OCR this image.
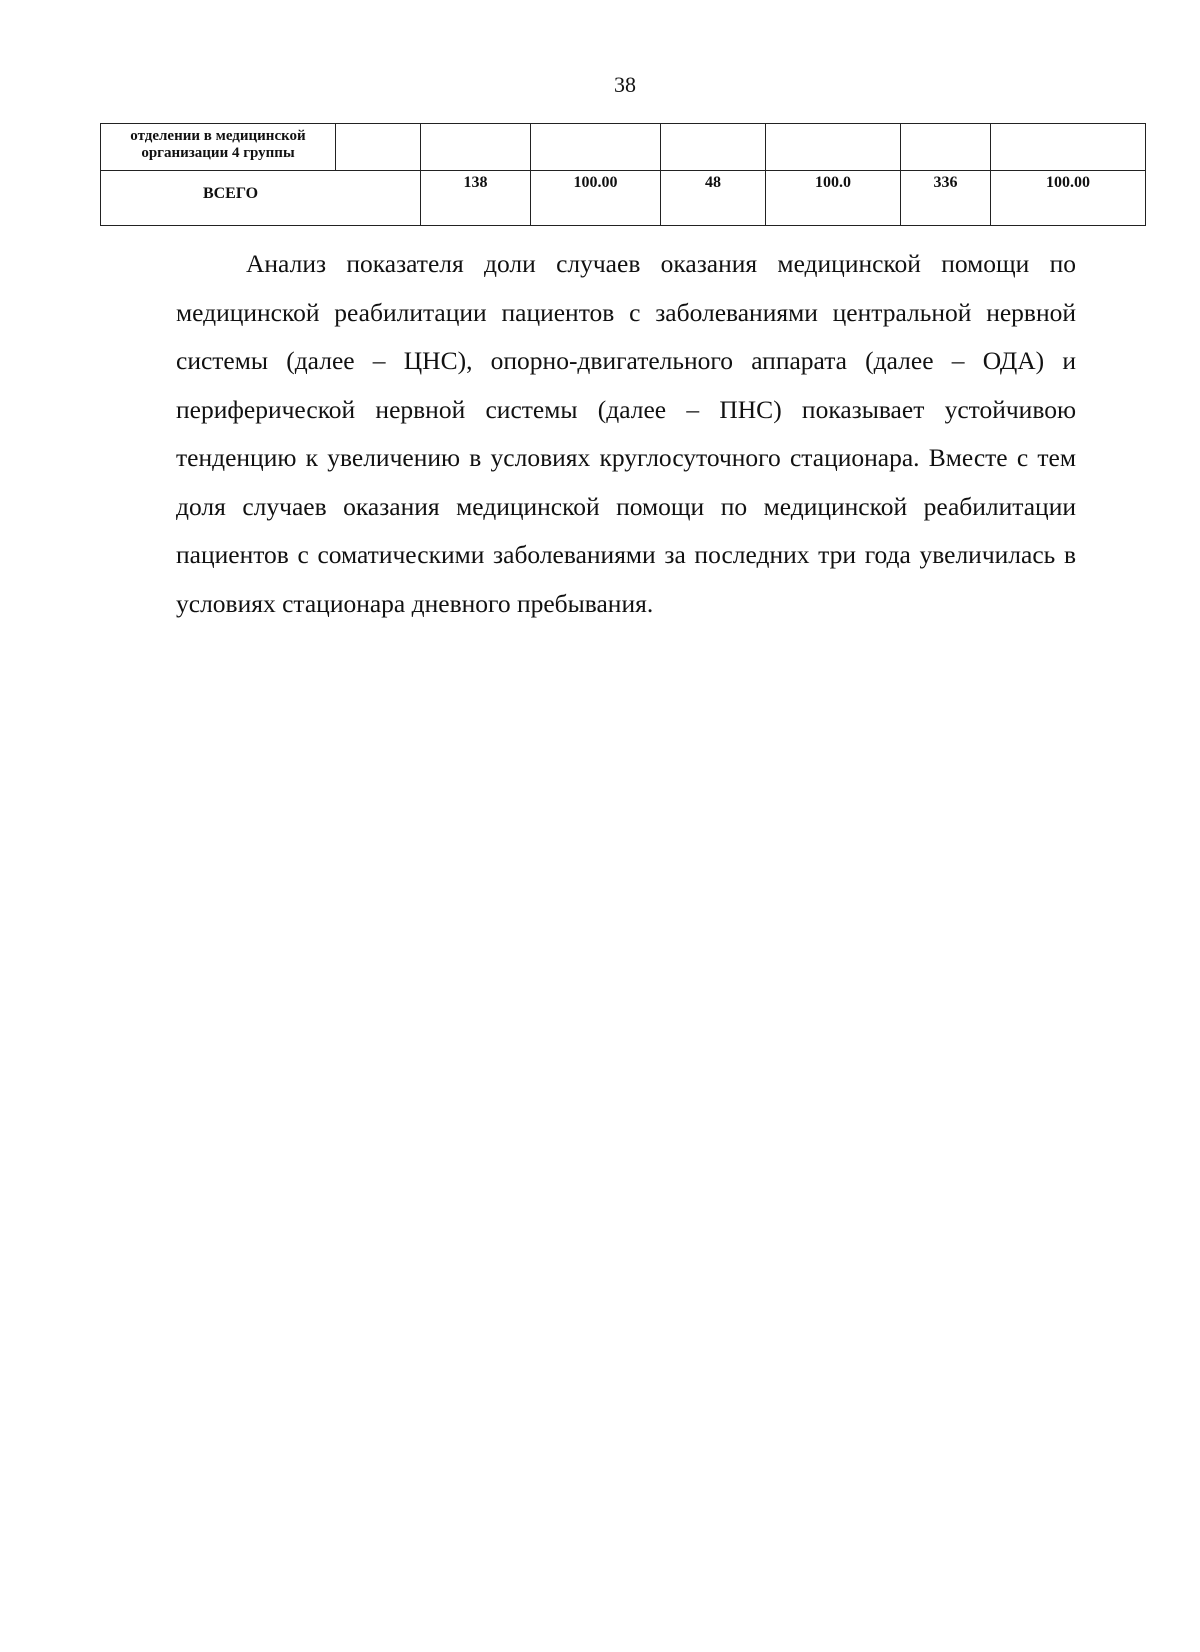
38
отделении в медицинской
организации 4 группы							

ВСЕГО		138	100.00	48	100.0	336	100.00

Анализ показателя доли случаев оказания медицинской помощи по медицинской реабилитации пациентов с заболеваниями центральной нервной системы (далее – ЦНС), опорно-двигательного аппарата (далее – ОДА) и периферической нервной системы (далее – ПНС) показывает устойчивою тенденцию к увеличению в условиях круглосуточного стационара. Вместе с тем доля случаев оказания медицинской помощи по медицинской реабилитации пациентов с соматическими заболеваниями за последних три года увеличилась в условиях стационара дневного пребывания.
